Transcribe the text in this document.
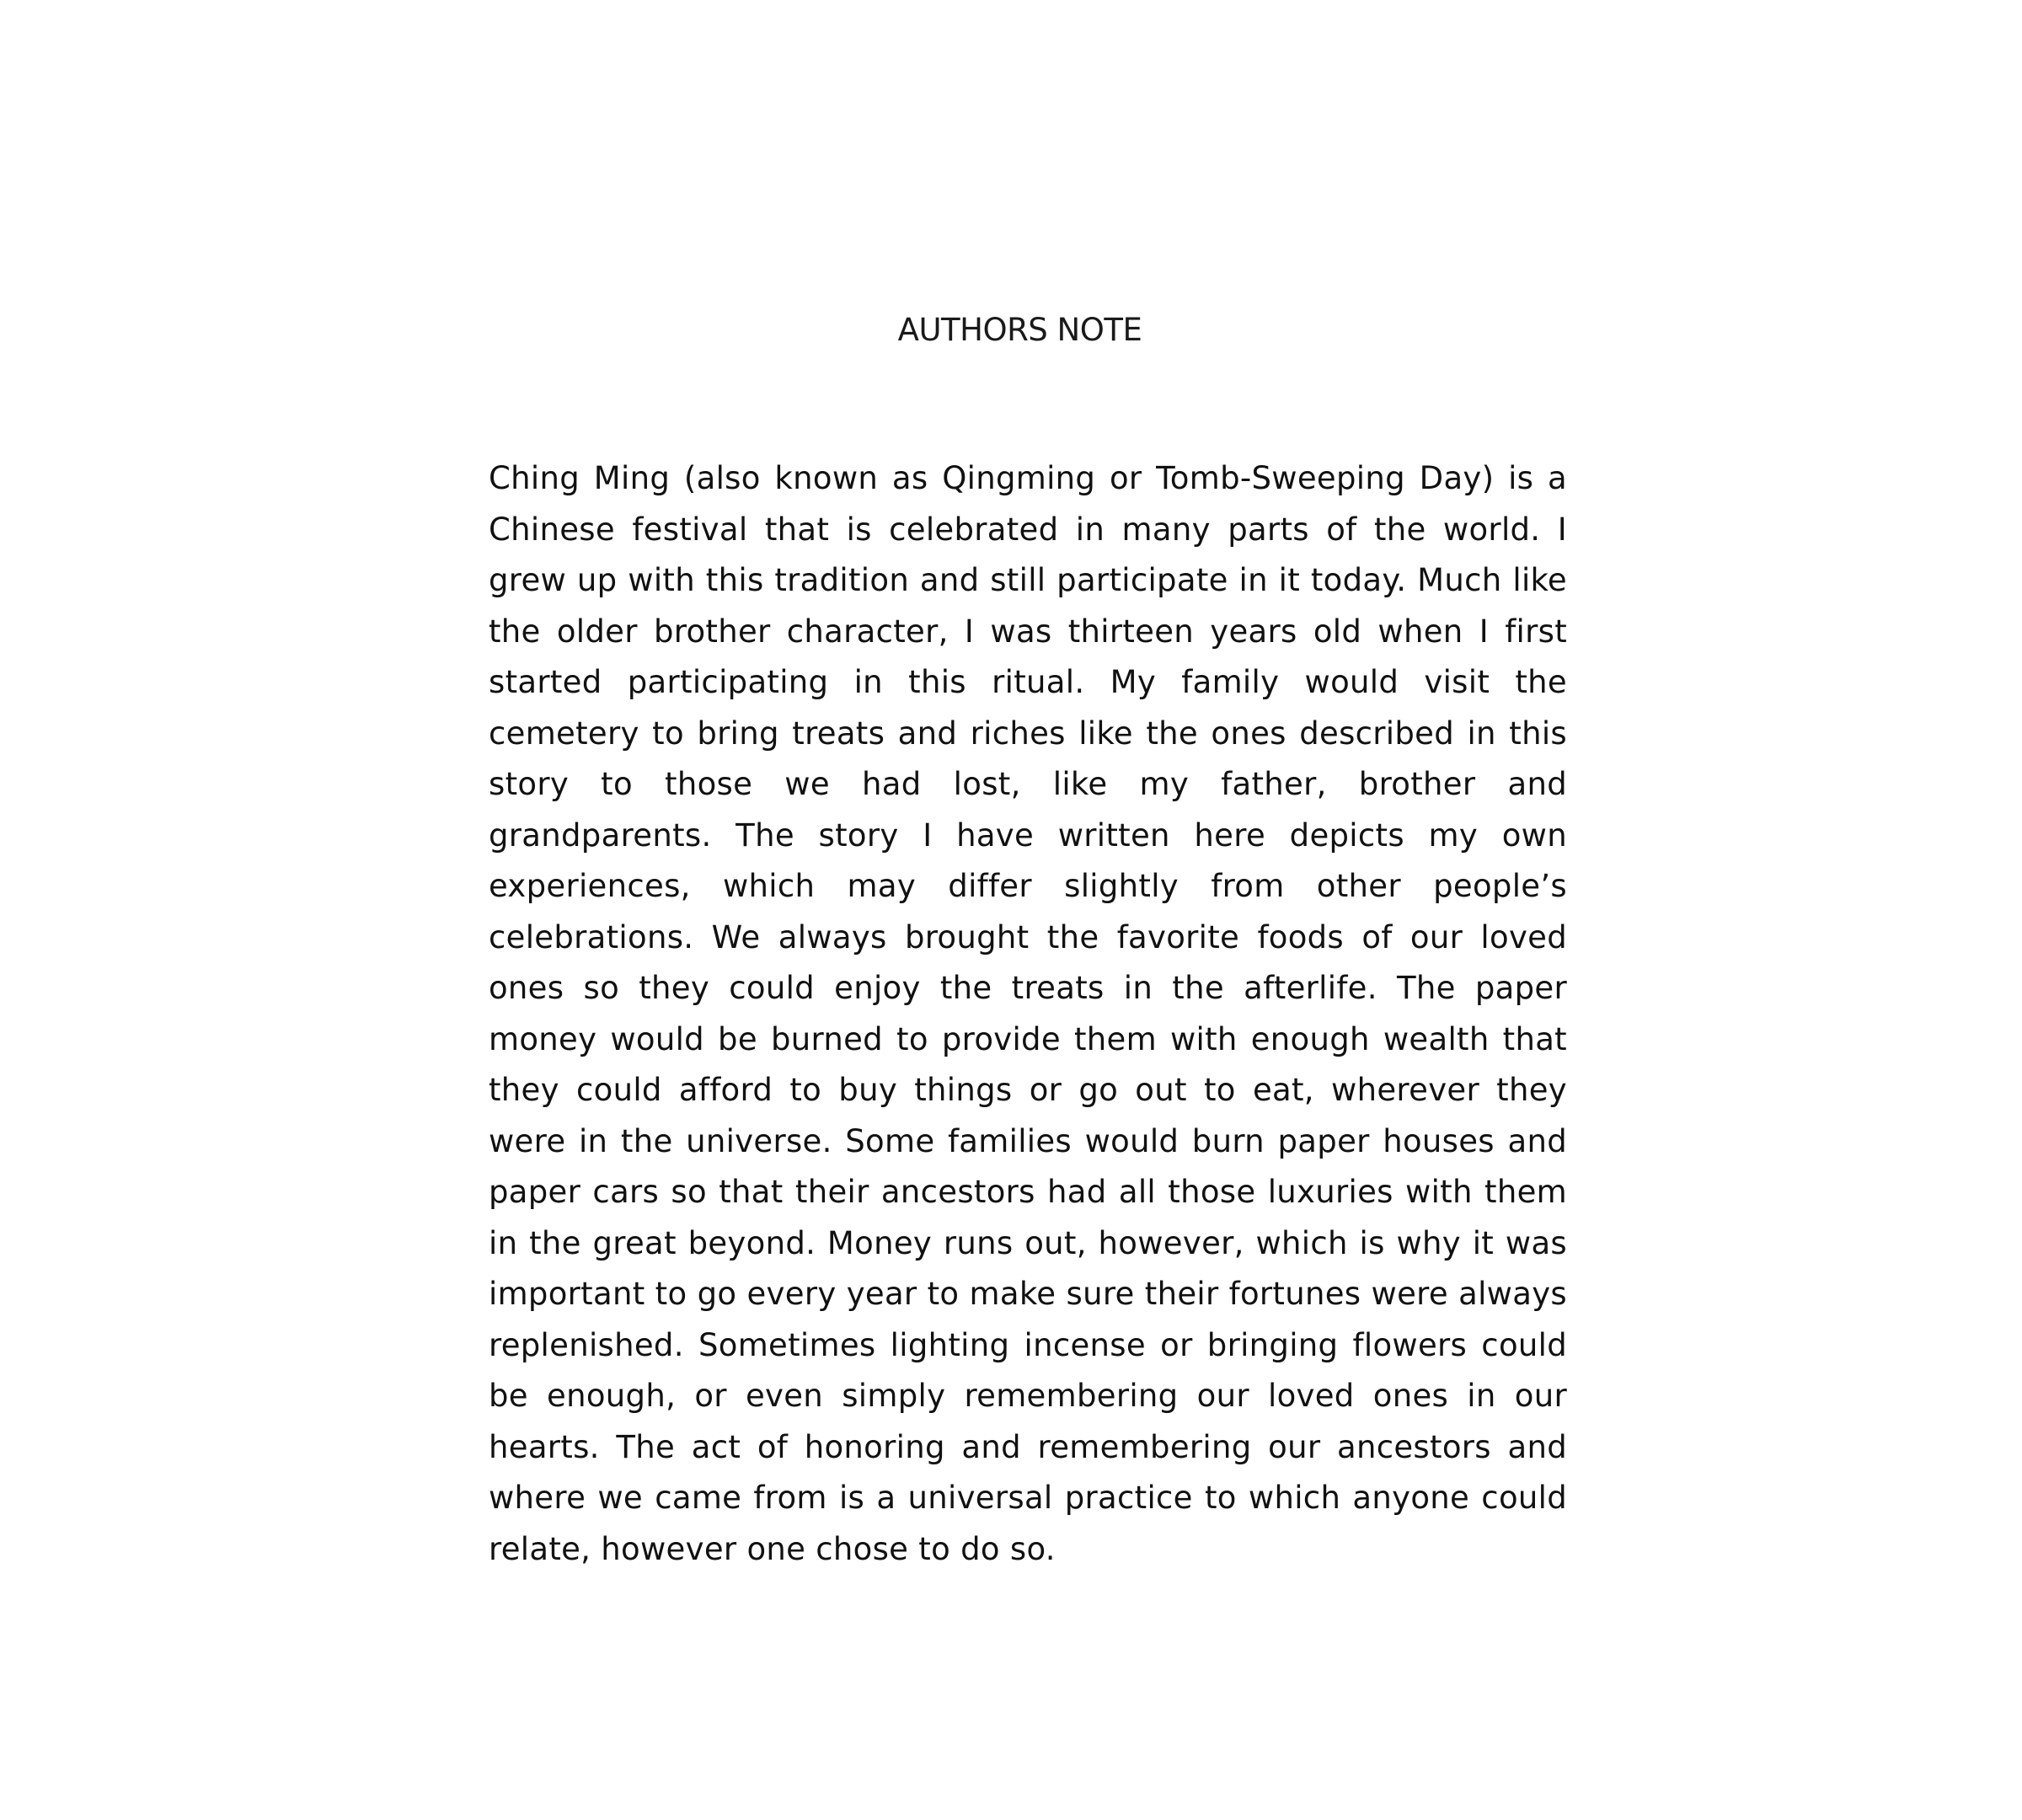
AUTHORS NOTE

Ching Ming (also known as Qingming or Tomb-Sweeping Day) is a Chinese festival that is celebrated in many parts of the world. I grew up with this tradition and still participate in it today. Much like the older brother character, I was thirteen years old when I first started participating in this ritual. My family would visit the cemetery to bring treats and riches like the ones described in this story to those we had lost, like my father, brother and grandparents. The story I have written here depicts my own experiences, which may differ slightly from other people’s celebrations. We always brought the favorite foods of our loved ones so they could enjoy the treats in the afterlife. The paper money would be burned to provide them with enough wealth that they could afford to buy things or go out to eat, wherever they were in the universe. Some families would burn paper houses and paper cars so that their ancestors had all those luxuries with them in the great beyond. Money runs out, however, which is why it was important to go every year to make sure their fortunes were always replenished. Sometimes lighting incense or bringing flowers could be enough, or even simply remembering our loved ones in our hearts. The act of honoring and remembering our ancestors and where we came from is a universal practice to which anyone could relate, however one chose to do so.
